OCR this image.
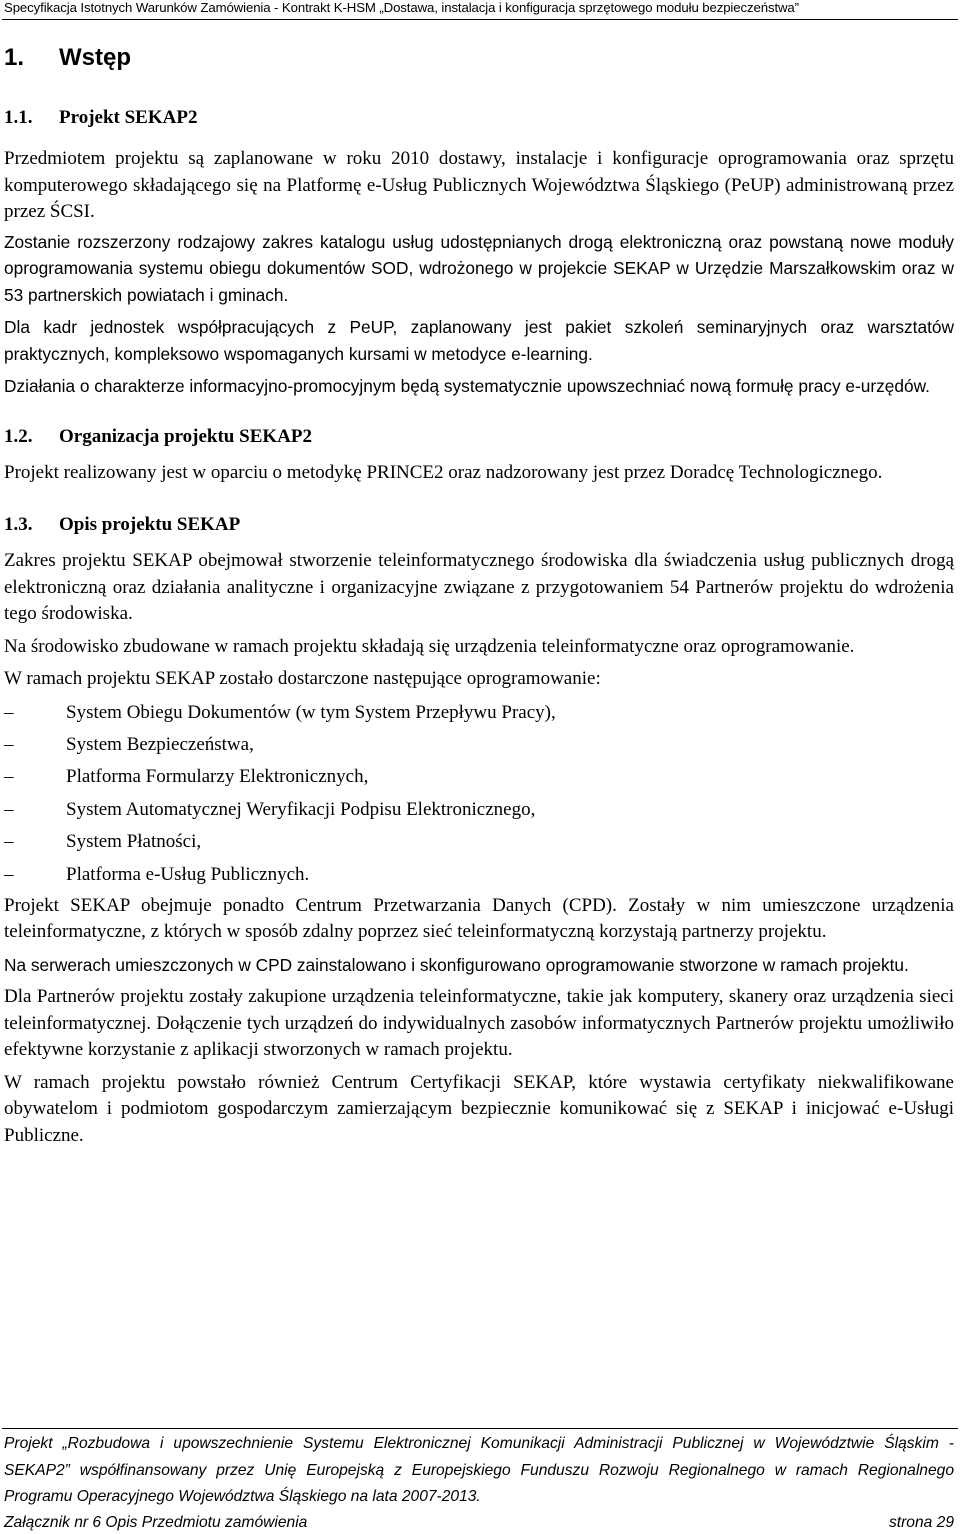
Specyfikacja Istotnych Warunków Zamówienia - Kontrakt K-HSM „Dostawa, instalacja i konfiguracja sprzętowego modułu bezpieczeństwa”
1. Wstęp
1.1. Projekt SEKAP2

Przedmiotem projektu są zaplanowane w roku 2010 dostawy, instalacje i konfiguracje oprogramowania oraz sprzętu komputerowego składającego się na Platformę e-Usług Publicznych Województwa Śląskiego (PeUP) administrowaną przez przez ŚCSI.

Zostanie rozszerzony rodzajowy zakres katalogu usług udostępnianych drogą elektroniczną oraz powstaną nowe moduły oprogramowania systemu obiegu dokumentów SOD, wdrożonego w projekcie SEKAP w Urzędzie Marszałkowskim oraz w 53 partnerskich powiatach i gminach.

Dla kadr jednostek współpracujących z PeUP, zaplanowany jest pakiet szkoleń seminaryjnych oraz warsztatów praktycznych, kompleksowo wspomaganych kursami w metodyce e-learning.

Działania o charakterze informacyjno-promocyjnym będą systematycznie upowszechniać nową formułę pracy e-urzędów.

1.2. Organizacja projektu SEKAP2

Projekt realizowany jest w oparciu o metodykę PRINCE2 oraz nadzorowany jest przez Doradcę Technologicznego.

1.3. Opis projektu SEKAP

Zakres projektu SEKAP obejmował stworzenie teleinformatycznego środowiska dla świadczenia usług publicznych drogą elektroniczną oraz działania analityczne i organizacyjne związane z przygotowaniem 54 Partnerów projektu do wdrożenia tego środowiska.

Na środowisko zbudowane w ramach projektu składają się urządzenia teleinformatyczne oraz oprogramowanie.

W ramach projektu SEKAP zostało dostarczone następujące oprogramowanie:

–	System Obiegu Dokumentów (w tym System Przepływu Pracy),
–	System Bezpieczeństwa,
–	Platforma Formularzy Elektronicznych,
–	System Automatycznej Weryfikacji Podpisu Elektronicznego,
–	System Płatności,
–	Platforma e-Usług Publicznych.

Projekt SEKAP obejmuje ponadto Centrum Przetwarzania Danych (CPD). Zostały w nim umieszczone urządzenia teleinformatyczne, z których w sposób zdalny poprzez sieć teleinformatyczną korzystają partnerzy projektu.

Na serwerach umieszczonych w CPD zainstalowano i skonfigurowano oprogramowanie stworzone w ramach projektu.

Dla Partnerów projektu zostały zakupione urządzenia teleinformatyczne, takie jak komputery, skanery oraz urządzenia sieci teleinformatycznej. Dołączenie tych urządzeń do indywidualnych zasobów informatycznych Partnerów projektu umożliwiło efektywne korzystanie z aplikacji stworzonych w ramach projektu.

W ramach projektu powstało również Centrum Certyfikacji SEKAP, które wystawia certyfikaty niekwalifikowane obywatelom i podmiotom gospodarczym zamierzającym bezpiecznie komunikować się z SEKAP i inicjować e-Usługi Publiczne.

Projekt „Rozbudowa i upowszechnienie Systemu Elektronicznej Komunikacji Administracji Publicznej w Województwie Śląskim - SEKAP2” współfinansowany przez Unię Europejską z Europejskiego Funduszu Rozwoju Regionalnego w ramach Regionalnego Programu Operacyjnego Województwa Śląskiego na lata 2007-2013.

Załącznik nr 6 Opis Przedmiotu zamówienia	strona 29
